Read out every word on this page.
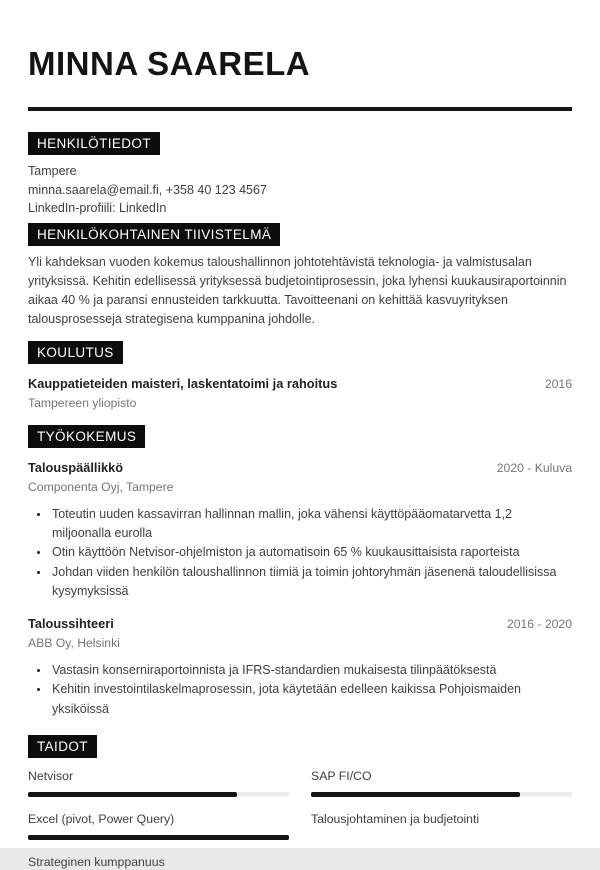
MINNA SAARELA
HENKILÖTIEDOT
Tampere
minna.saarela@email.fi, +358 40 123 4567
LinkedIn-profiili: LinkedIn
HENKILÖKOHTAINEN TIIVISTELMÄ

Yli kahdeksan vuoden kokemus taloushallinnon johtotehtävistä teknologia- ja valmistusalan yrityksissä. Kehitin edellisessä yrityksessä budjetointiprosessin, joka lyhensi kuukausiraportoinnin aikaa 40 % ja paransi ennusteiden tarkkuutta. Tavoitteenani on kehittää kasvuyrityksen talousprosesseja strategisena kumppanina johdolle.

KOULUTUS
Kauppatieteiden maisteri, laskentatoimi ja rahoitus	2016
Tampereen yliopisto
TYÖKOKEMUS
Talouspäällikkö	2020 - Kuluva
Componenta Oyj, Tampere
• Toteutin uuden kassavirran hallinnan mallin, joka vähensi käyttöpääomatarvetta 1,2 miljoonalla eurolla
• Otin käyttöön Netvisor-ohjelmiston ja automatisoin 65 % kuukausittaisista raporteista
• Johdan viiden henkilön taloushallinnon tiimiä ja toimin johtoryhmän jäsenenä taloudellisissa kysymyksissä
Taloussihteeri	2016 - 2020
ABB Oy, Helsinki
• Vastasin konserniraportoinnista ja IFRS-standardien mukaisesta tilinpäätöksestä
• Kehitin investointilaskelmaprosessin, jota käytetään edelleen kaikissa Pohjoismaiden yksiköissä
TAIDOT
Netvisor	SAP FI/CO
Excel (pivot, Power Query)	Talousjohtaminen ja budjetointi
Strateginen kumppanuus
